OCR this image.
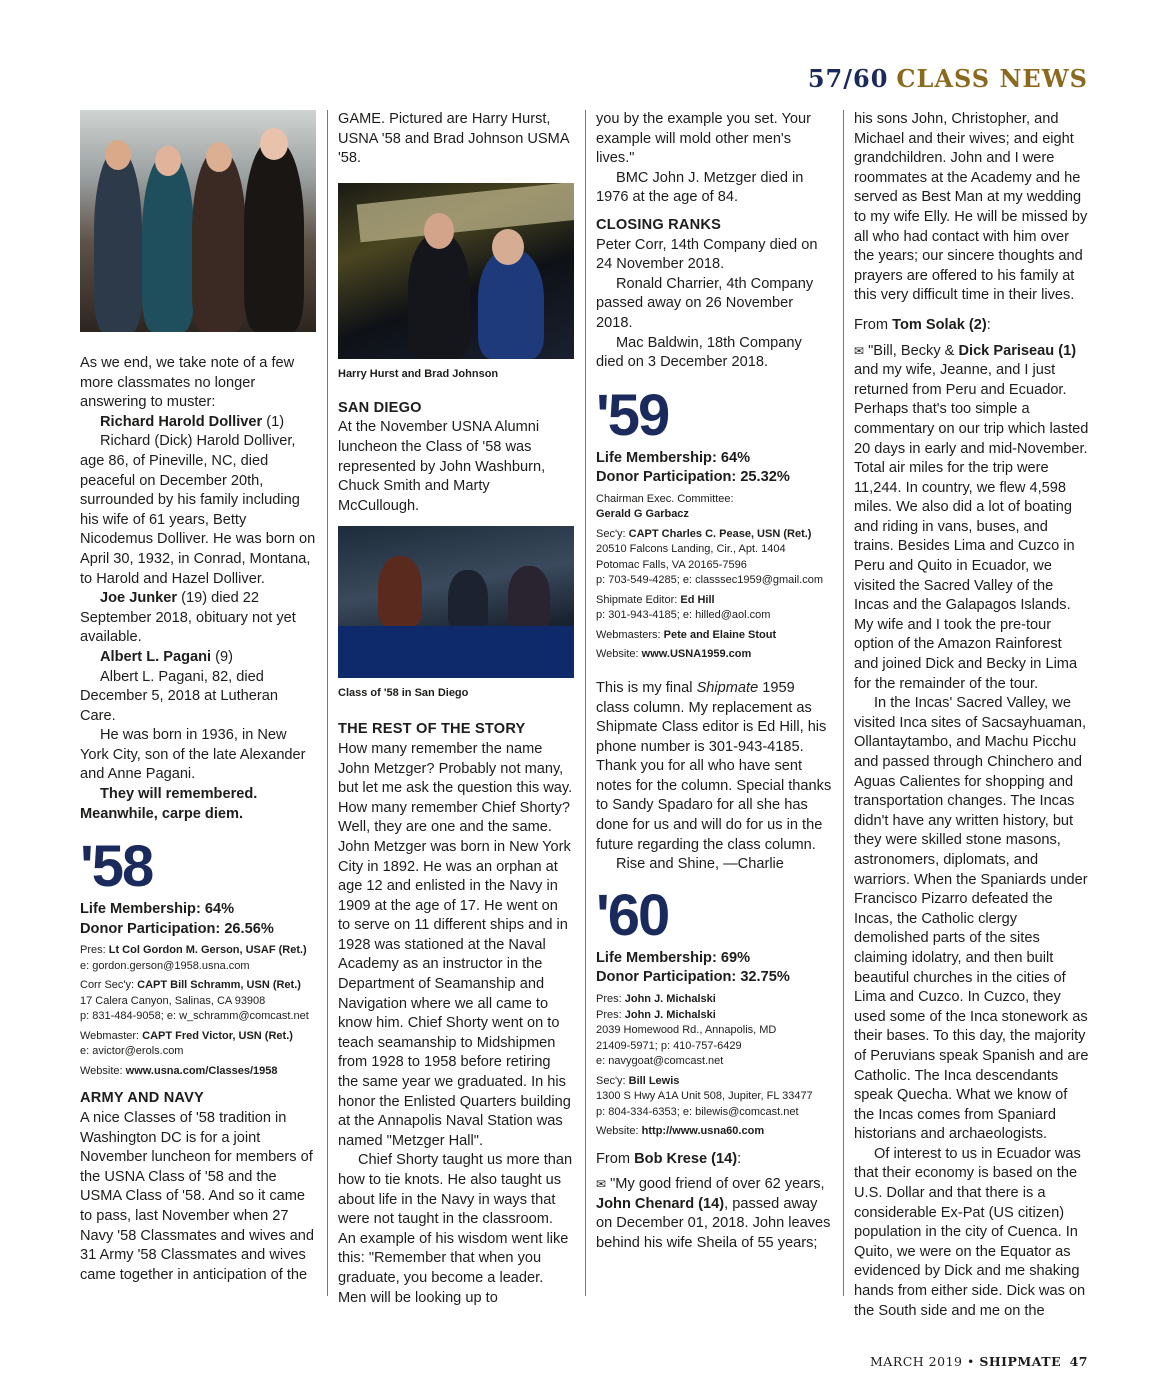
57/60 CLASS NEWS

As we end, we take note of a few more classmates no longer answering to muster:

Richard Harold Dolliver (1)

Richard (Dick) Harold Dolliver, age 86, of Pineville, NC, died peaceful on December 20th, surrounded by his family including his wife of 61 years, Betty Nicodemus Dolliver. He was born on April 30, 1932, in Conrad, Montana, to Harold and Hazel Dolliver.

Joe Junker (19) died 22 September 2018, obituary not yet available.

Albert L. Pagani (9)

Albert L. Pagani, 82, died December 5, 2018 at Lutheran Care.

He was born in 1936, in New York City, son of the late Alexander and Anne Pagani.

They will remembered.

Meanwhile, carpe diem.

'58

Life Membership: 64%

Donor Participation: 26.56%

Pres: Lt Col Gordon M. Gerson, USAF (Ret.)

e: gordon.gerson@1958.usna.com

Corr Sec'y: CAPT Bill Schramm, USN (Ret.)

17 Calera Canyon, Salinas, CA 93908

p: 831-484-9058; e: w_schramm@comcast.net

Webmaster: CAPT Fred Victor, USN (Ret.)

e: avictor@erols.com

Website: www.usna.com/Classes/1958

ARMY AND NAVY

A nice Classes of '58 tradition in Washington DC is for a joint November luncheon for members of the USNA Class of '58 and the USMA Class of '58. And so it came to pass, last November when 27 Navy '58 Classmates and wives and 31 Army '58 Classmates and wives came together in anticipation of the

GAME. Pictured are Harry Hurst, USNA '58 and Brad Johnson USMA '58.

Harry Hurst and Brad Johnson

SAN DIEGO

At the November USNA Alumni luncheon the Class of '58 was represented by John Washburn, Chuck Smith and Marty McCullough.

Class of '58 in San Diego

THE REST OF THE STORY

How many remember the name John Metzger? Probably not many, but let me ask the question this way. How many remember Chief Shorty? Well, they are one and the same. John Metzger was born in New York City in 1892. He was an orphan at age 12 and enlisted in the Navy in 1909 at the age of 17. He went on to serve on 11 different ships and in 1928 was stationed at the Naval Academy as an instructor in the Department of Seamanship and Navigation where we all came to know him. Chief Shorty went on to teach seamanship to Midshipmen from 1928 to 1958 before retiring the same year we graduated. In his honor the Enlisted Quarters building at the Annapolis Naval Station was named "Metzger Hall".

Chief Shorty taught us more than how to tie knots. He also taught us about life in the Navy in ways that were not taught in the classroom. An example of his wisdom went like this: "Remember that when you graduate, you become a leader. Men will be looking up to

you by the example you set. Your example will mold other men's lives."

BMC John J. Metzger died in 1976 at the age of 84.

CLOSING RANKS

Peter Corr, 14th Company died on 24 November 2018.

Ronald Charrier, 4th Company passed away on 26 November 2018.

Mac Baldwin, 18th Company died on 3 December 2018.

'59

Life Membership: 64%

Donor Participation: 25.32%

Chairman Exec. Committee:

Gerald G Garbacz

Sec'y: CAPT Charles C. Pease, USN (Ret.)

20510 Falcons Landing, Cir., Apt. 1404

Potomac Falls, VA 20165-7596

p: 703-549-4285; e: classsec1959@gmail.com

Shipmate Editor: Ed Hill

p: 301-943-4185; e: hilled@aol.com

Webmasters: Pete and Elaine Stout

Website: www.USNA1959.com

This is my final Shipmate 1959 class column. My replacement as Shipmate Class editor is Ed Hill, his phone number is 301-943-4185. Thank you for all who have sent notes for the column. Special thanks to Sandy Spadaro for all she has done for us and will do for us in the future regarding the class column.

Rise and Shine, —Charlie

'60

Life Membership: 69%

Donor Participation: 32.75%

Pres: John J. Michalski

Pres: John J. Michalski

2039 Homewood Rd., Annapolis, MD

21409-5971; p: 410-757-6429

e: navygoat@comcast.net

Sec'y: Bill Lewis

1300 S Hwy A1A Unit 508, Jupiter, FL 33477

p: 804-334-6353; e: bilewis@comcast.net

Website: http://www.usna60.com

From Bob Krese (14):

✉ "My good friend of over 62 years, John Chenard (14), passed away on December 01, 2018. John leaves behind his wife Sheila of 55 years;

his sons John, Christopher, and Michael and their wives; and eight grandchildren. John and I were roommates at the Academy and he served as Best Man at my wedding to my wife Elly. He will be missed by all who had contact with him over the years; our sincere thoughts and prayers are offered to his family at this very difficult time in their lives.

From Tom Solak (2):

✉ "Bill, Becky & Dick Pariseau (1) and my wife, Jeanne, and I just returned from Peru and Ecuador. Perhaps that's too simple a commentary on our trip which lasted 20 days in early and mid-November. Total air miles for the trip were 11,244. In country, we flew 4,598 miles. We also did a lot of boating and riding in vans, buses, and trains. Besides Lima and Cuzco in Peru and Quito in Ecuador, we visited the Sacred Valley of the Incas and the Galapagos Islands. My wife and I took the pre-tour option of the Amazon Rainforest and joined Dick and Becky in Lima for the remainder of the tour.

In the Incas' Sacred Valley, we visited Inca sites of Sacsayhuaman, Ollantaytambo, and Machu Picchu and passed through Chinchero and Aguas Calientes for shopping and transportation changes. The Incas didn't have any written history, but they were skilled stone masons, astronomers, diplomats, and warriors. When the Spaniards under Francisco Pizarro defeated the Incas, the Catholic clergy demolished parts of the sites claiming idolatry, and then built beautiful churches in the cities of Lima and Cuzco. In Cuzco, they used some of the Inca stonework as their bases. To this day, the majority of Peruvians speak Spanish and are Catholic. The Inca descendants speak Quecha. What we know of the Incas comes from Spaniard historians and archaeologists.

Of interest to us in Ecuador was that their economy is based on the U.S. Dollar and that there is a considerable Ex-Pat (US citizen) population in the city of Cuenca. In Quito, we were on the Equator as evidenced by Dick and me shaking hands from either side. Dick was on the South side and me on the

MARCH 2019 • SHIPMATE 47
